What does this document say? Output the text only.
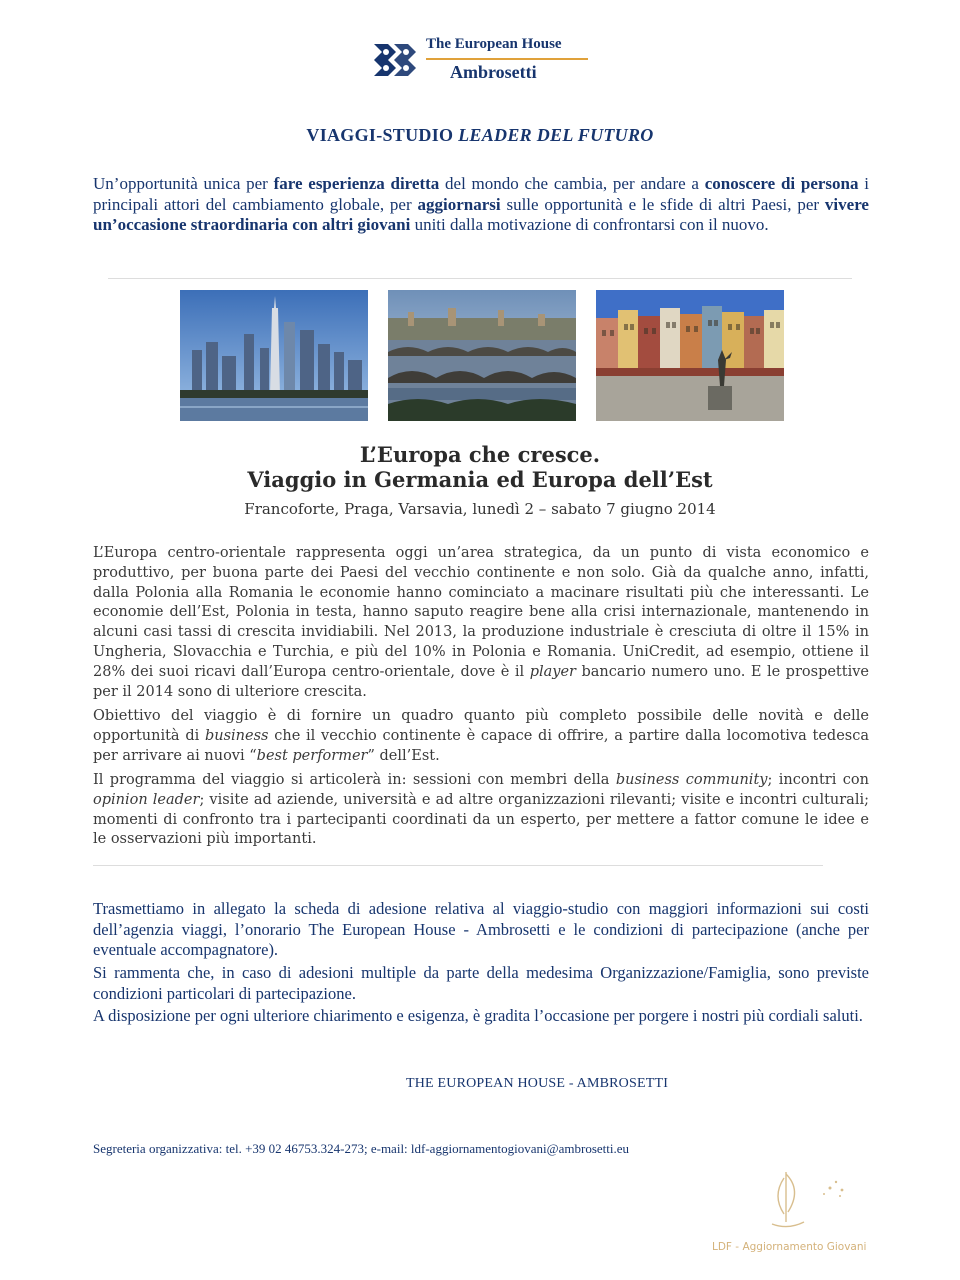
The European House
Ambrosetti
VIAGGI-STUDIO LEADER DEL FUTURO
Un’opportunità unica per fare esperienza diretta del mondo che cambia, per andare a conoscere di persona i principali attori del cambiamento globale, per aggiornarsi sulle opportunità e le sfide di altri Paesi, per vivere un’occasione straordinaria con altri giovani uniti dalla motivazione di confrontarsi con il nuovo.
L’Europa che cresce.
Viaggio in Germania ed Europa dell’Est
Francoforte, Praga, Varsavia, lunedì 2 – sabato 7 giugno 2014
L’Europa centro-orientale rappresenta oggi un’area strategica, da un punto di vista economico e produttivo, per buona parte dei Paesi del vecchio continente e non solo. Già da qualche anno, infatti, dalla Polonia alla Romania le economie hanno cominciato a macinare risultati più che interessanti. Le economie dell’Est, Polonia in testa, hanno saputo reagire bene alla crisi internazionale, mantenendo in alcuni casi tassi di crescita invidiabili. Nel 2013, la produzione industriale è cresciuta di oltre il 15% in Ungheria, Slovacchia e Turchia, e più del 10% in Polonia e Romania. UniCredit, ad esempio, ottiene il 28% dei suoi ricavi dall’Europa centro-orientale, dove è il player bancario numero uno. E le prospettive per il 2014 sono di ulteriore crescita.
Obiettivo del viaggio è di fornire un quadro quanto più completo possibile delle novità e delle opportunità di business che il vecchio continente è capace di offrire, a partire dalla locomotiva tedesca per arrivare ai nuovi “best performer” dell’Est.
Il programma del viaggio si articolerà in: sessioni con membri della business community; incontri con opinion leader; visite ad aziende, università e ad altre organizzazioni rilevanti; visite e incontri culturali; momenti di confronto tra i partecipanti coordinati da un esperto, per mettere a fattor comune le idee e le osservazioni più importanti.
Trasmettiamo in allegato la scheda di adesione relativa al viaggio-studio con maggiori informazioni sui costi dell’agenzia viaggi, l’onorario The European House - Ambrosetti e le condizioni di partecipazione (anche per eventuale accompagnatore).
Si rammenta che, in caso di adesioni multiple da parte della medesima Organizzazione/Famiglia, sono previste condizioni particolari di partecipazione.
A disposizione per ogni ulteriore chiarimento e esigenza, è gradita l’occasione per porgere i nostri più cordiali saluti.
THE EUROPEAN HOUSE - AMBROSETTI
Segreteria organizzativa: tel. +39 02 46753.324-273; e-mail: ldf-aggiornamentogiovani@ambrosetti.eu
LDF - Aggiornamento Giovani
